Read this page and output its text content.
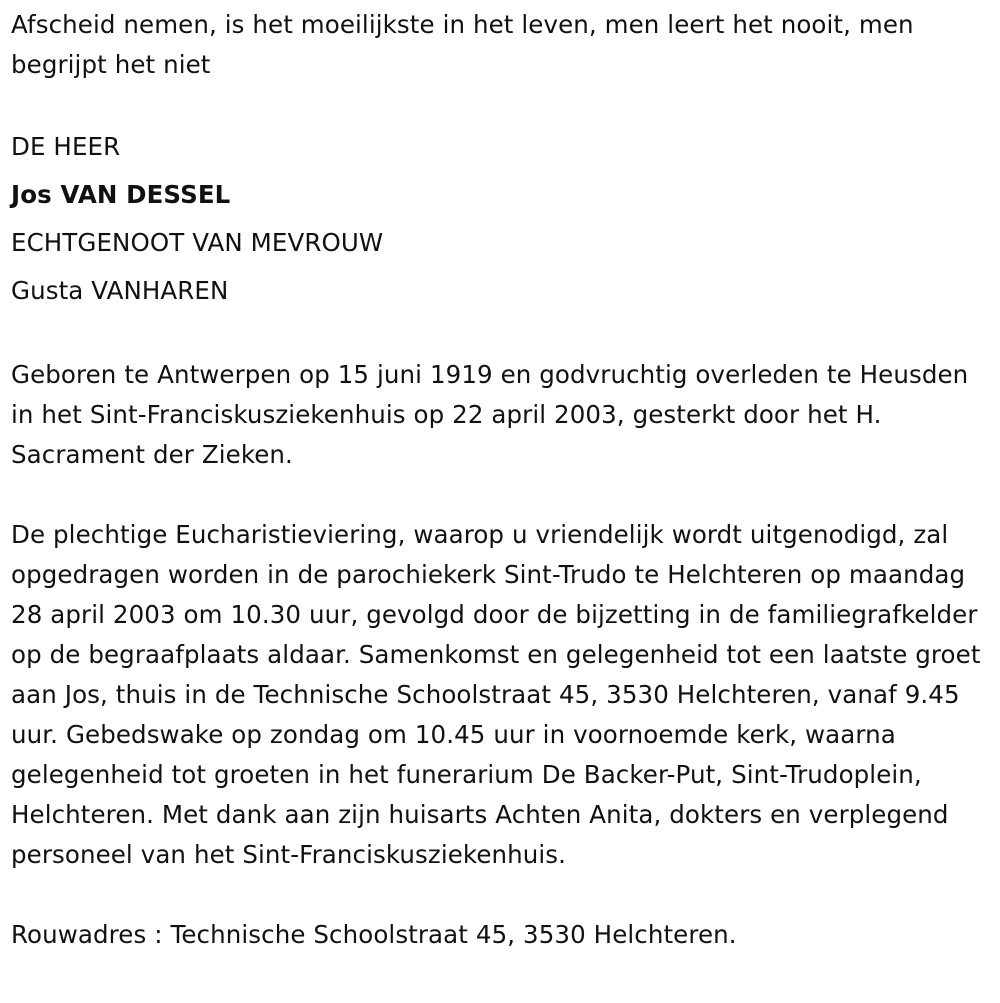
Afscheid nemen, is het moeilijkste in het leven, men leert het nooit, men begrijpt het niet

DE HEER
Jos VAN DESSEL
ECHTGENOOT VAN MEVROUW
Gusta VANHAREN

Geboren te Antwerpen op 15 juni 1919 en godvruchtig overleden te Heusden in het Sint-Franciskusziekenhuis op 22 april 2003, gesterkt door het H. Sacrament der Zieken.

De plechtige Eucharistieviering, waarop u vriendelijk wordt uitgenodigd, zal opgedragen worden in de parochiekerk Sint-Trudo te Helchteren op maandag 28 april 2003 om 10.30 uur, gevolgd door de bijzetting in de familiegrafkelder op de begraafplaats aldaar. Samenkomst en gelegenheid tot een laatste groet aan Jos, thuis in de Technische Schoolstraat 45, 3530 Helchteren, vanaf 9.45 uur. Gebedswake op zondag om 10.45 uur in voornoemde kerk, waarna gelegenheid tot groeten in het funerarium De Backer-Put, Sint-Trudoplein, Helchteren. Met dank aan zijn huisarts Achten Anita, dokters en verplegend personeel van het Sint-Franciskusziekenhuis.

Rouwadres : Technische Schoolstraat 45, 3530 Helchteren.
